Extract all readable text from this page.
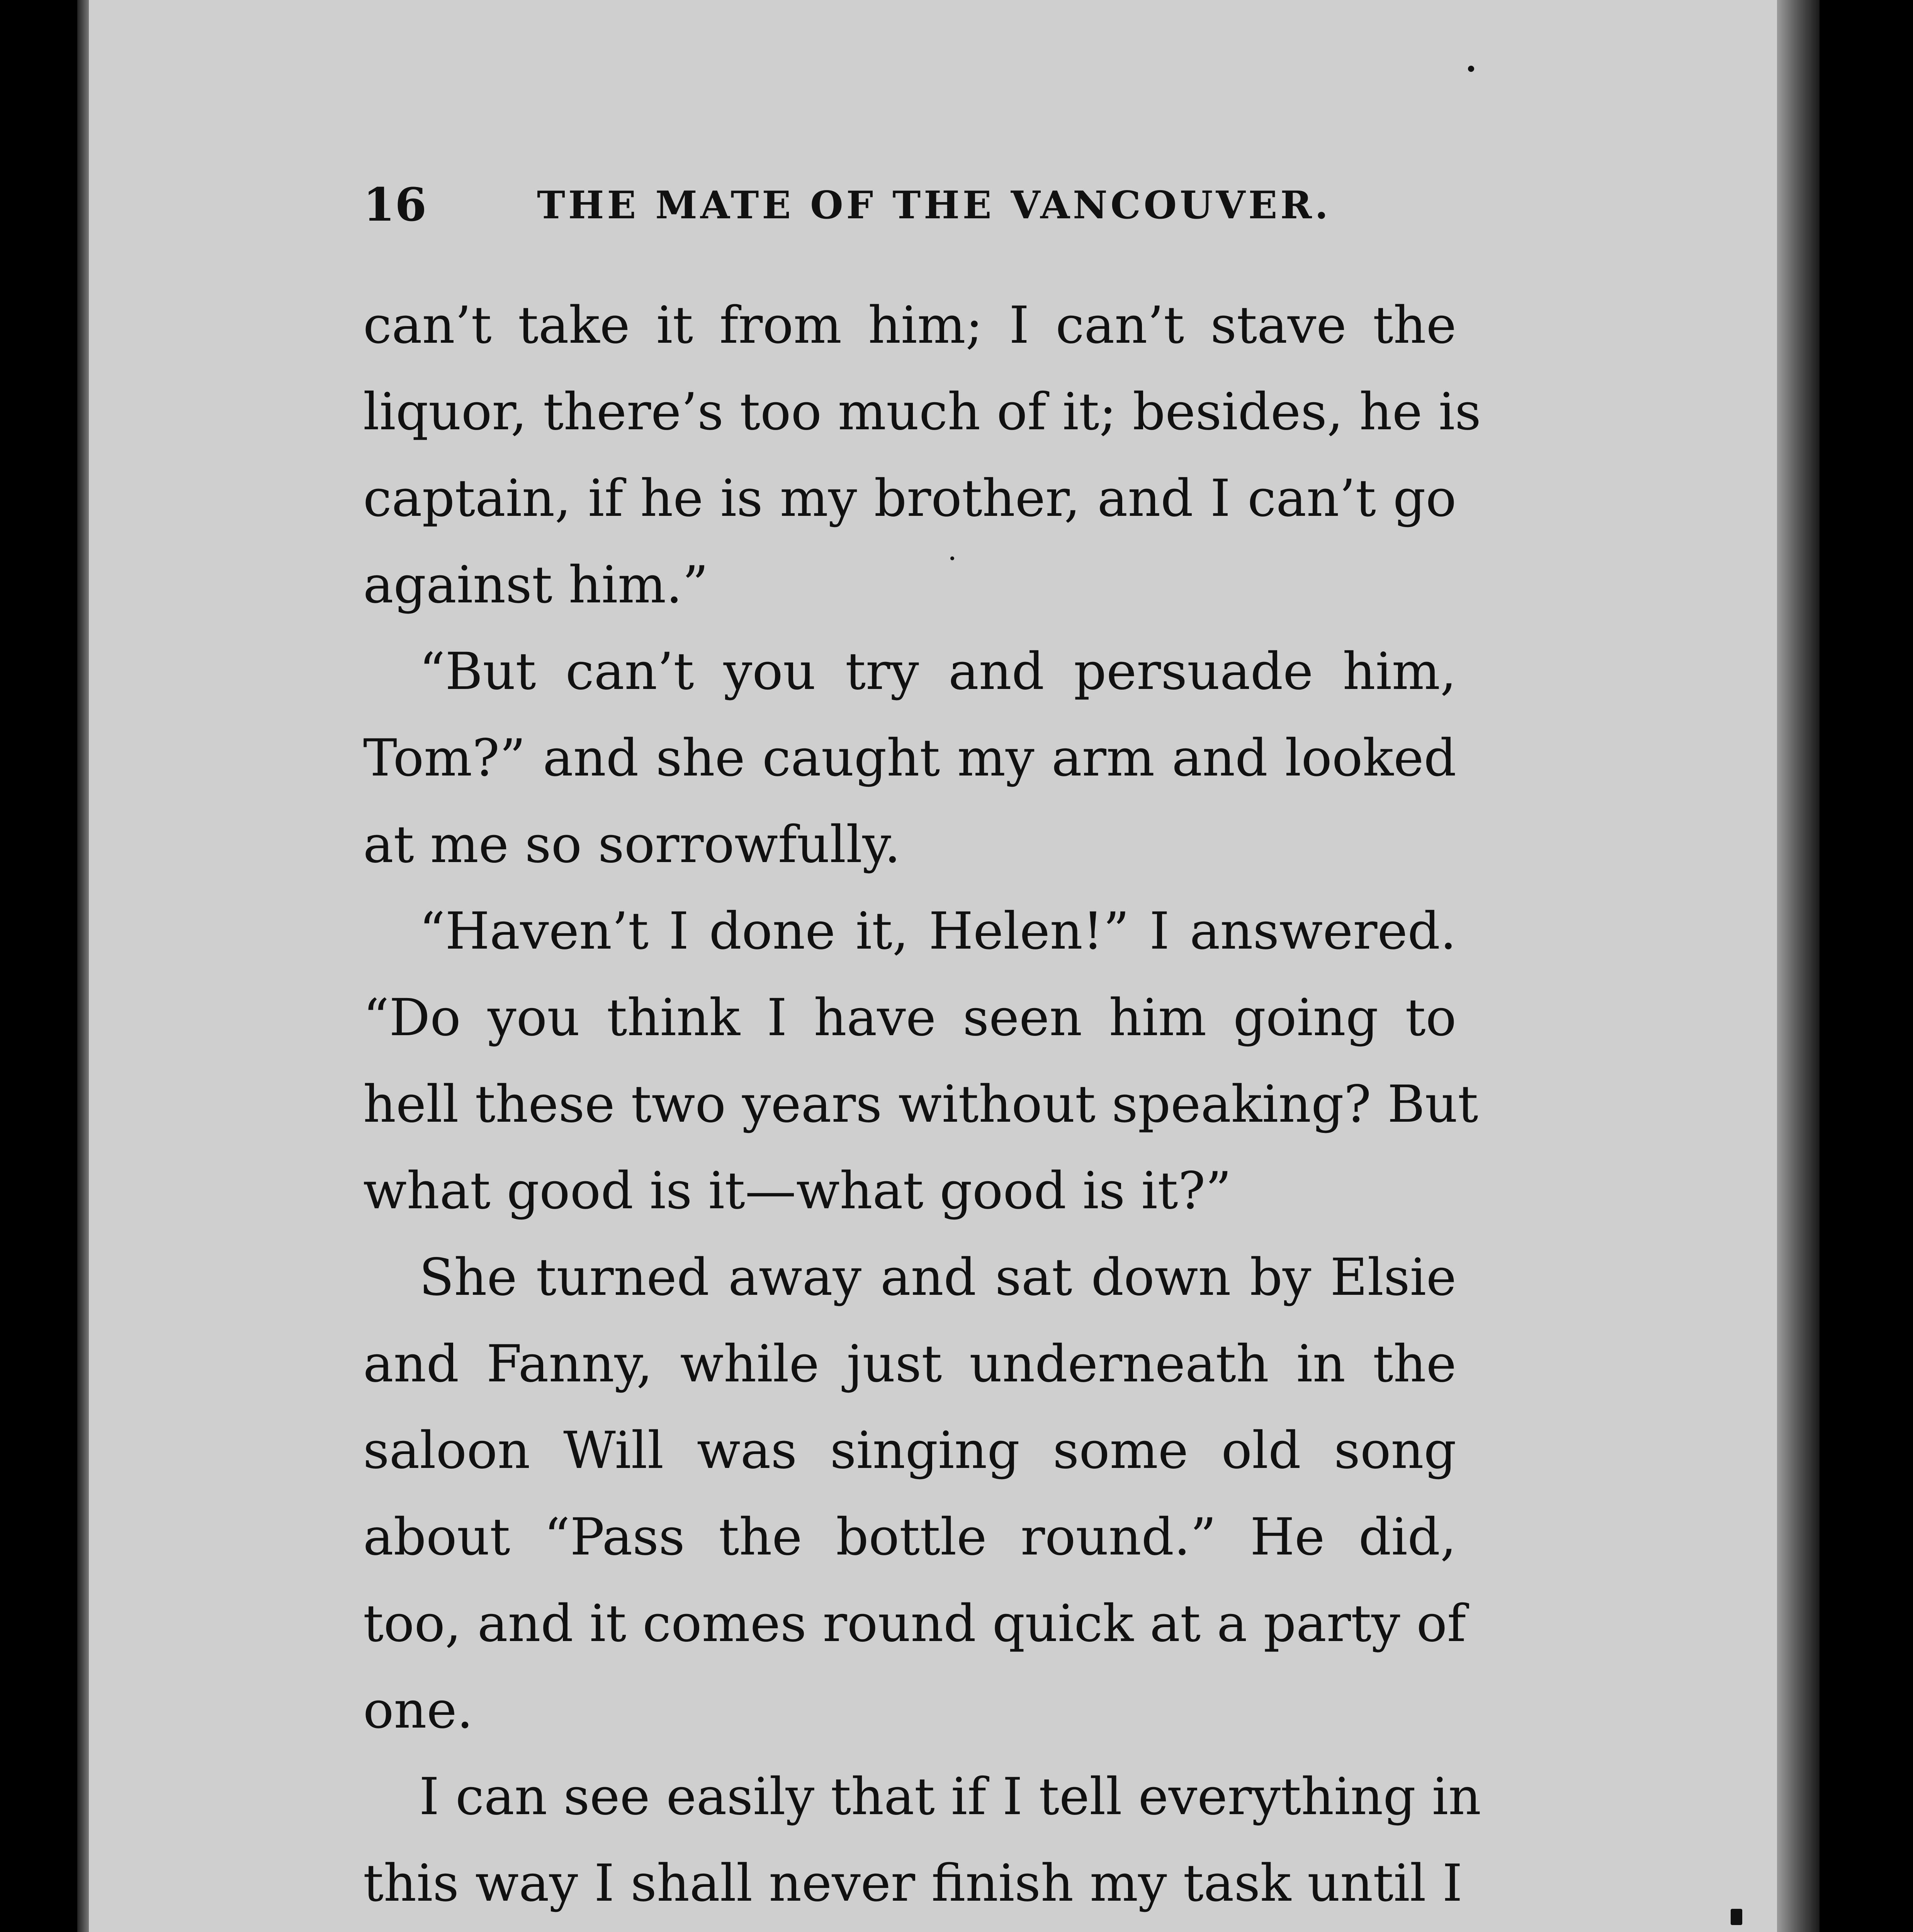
16	THE MATE OF THE VANCOUVER.
can’t take it from him; I can’t stave the
liquor, there’s too much of it; besides, he is
captain, if he is my brother, and I can’t go
against him.”
“But can’t you try and persuade him,
Tom?” and she caught my arm and looked
at me so sorrowfully.
“Haven’t I done it, Helen!” I answered.
“Do you think I have seen him going to
hell these two years without speaking? But
what good is it—what good is it?”
She turned away and sat down by Elsie
and Fanny, while just underneath in the
saloon Will was singing some old song
about “Pass the bottle round.” He did,
too, and it comes round quick at a party of
one.
I can see easily that if I tell everything in
this way I shall never finish my task until I
